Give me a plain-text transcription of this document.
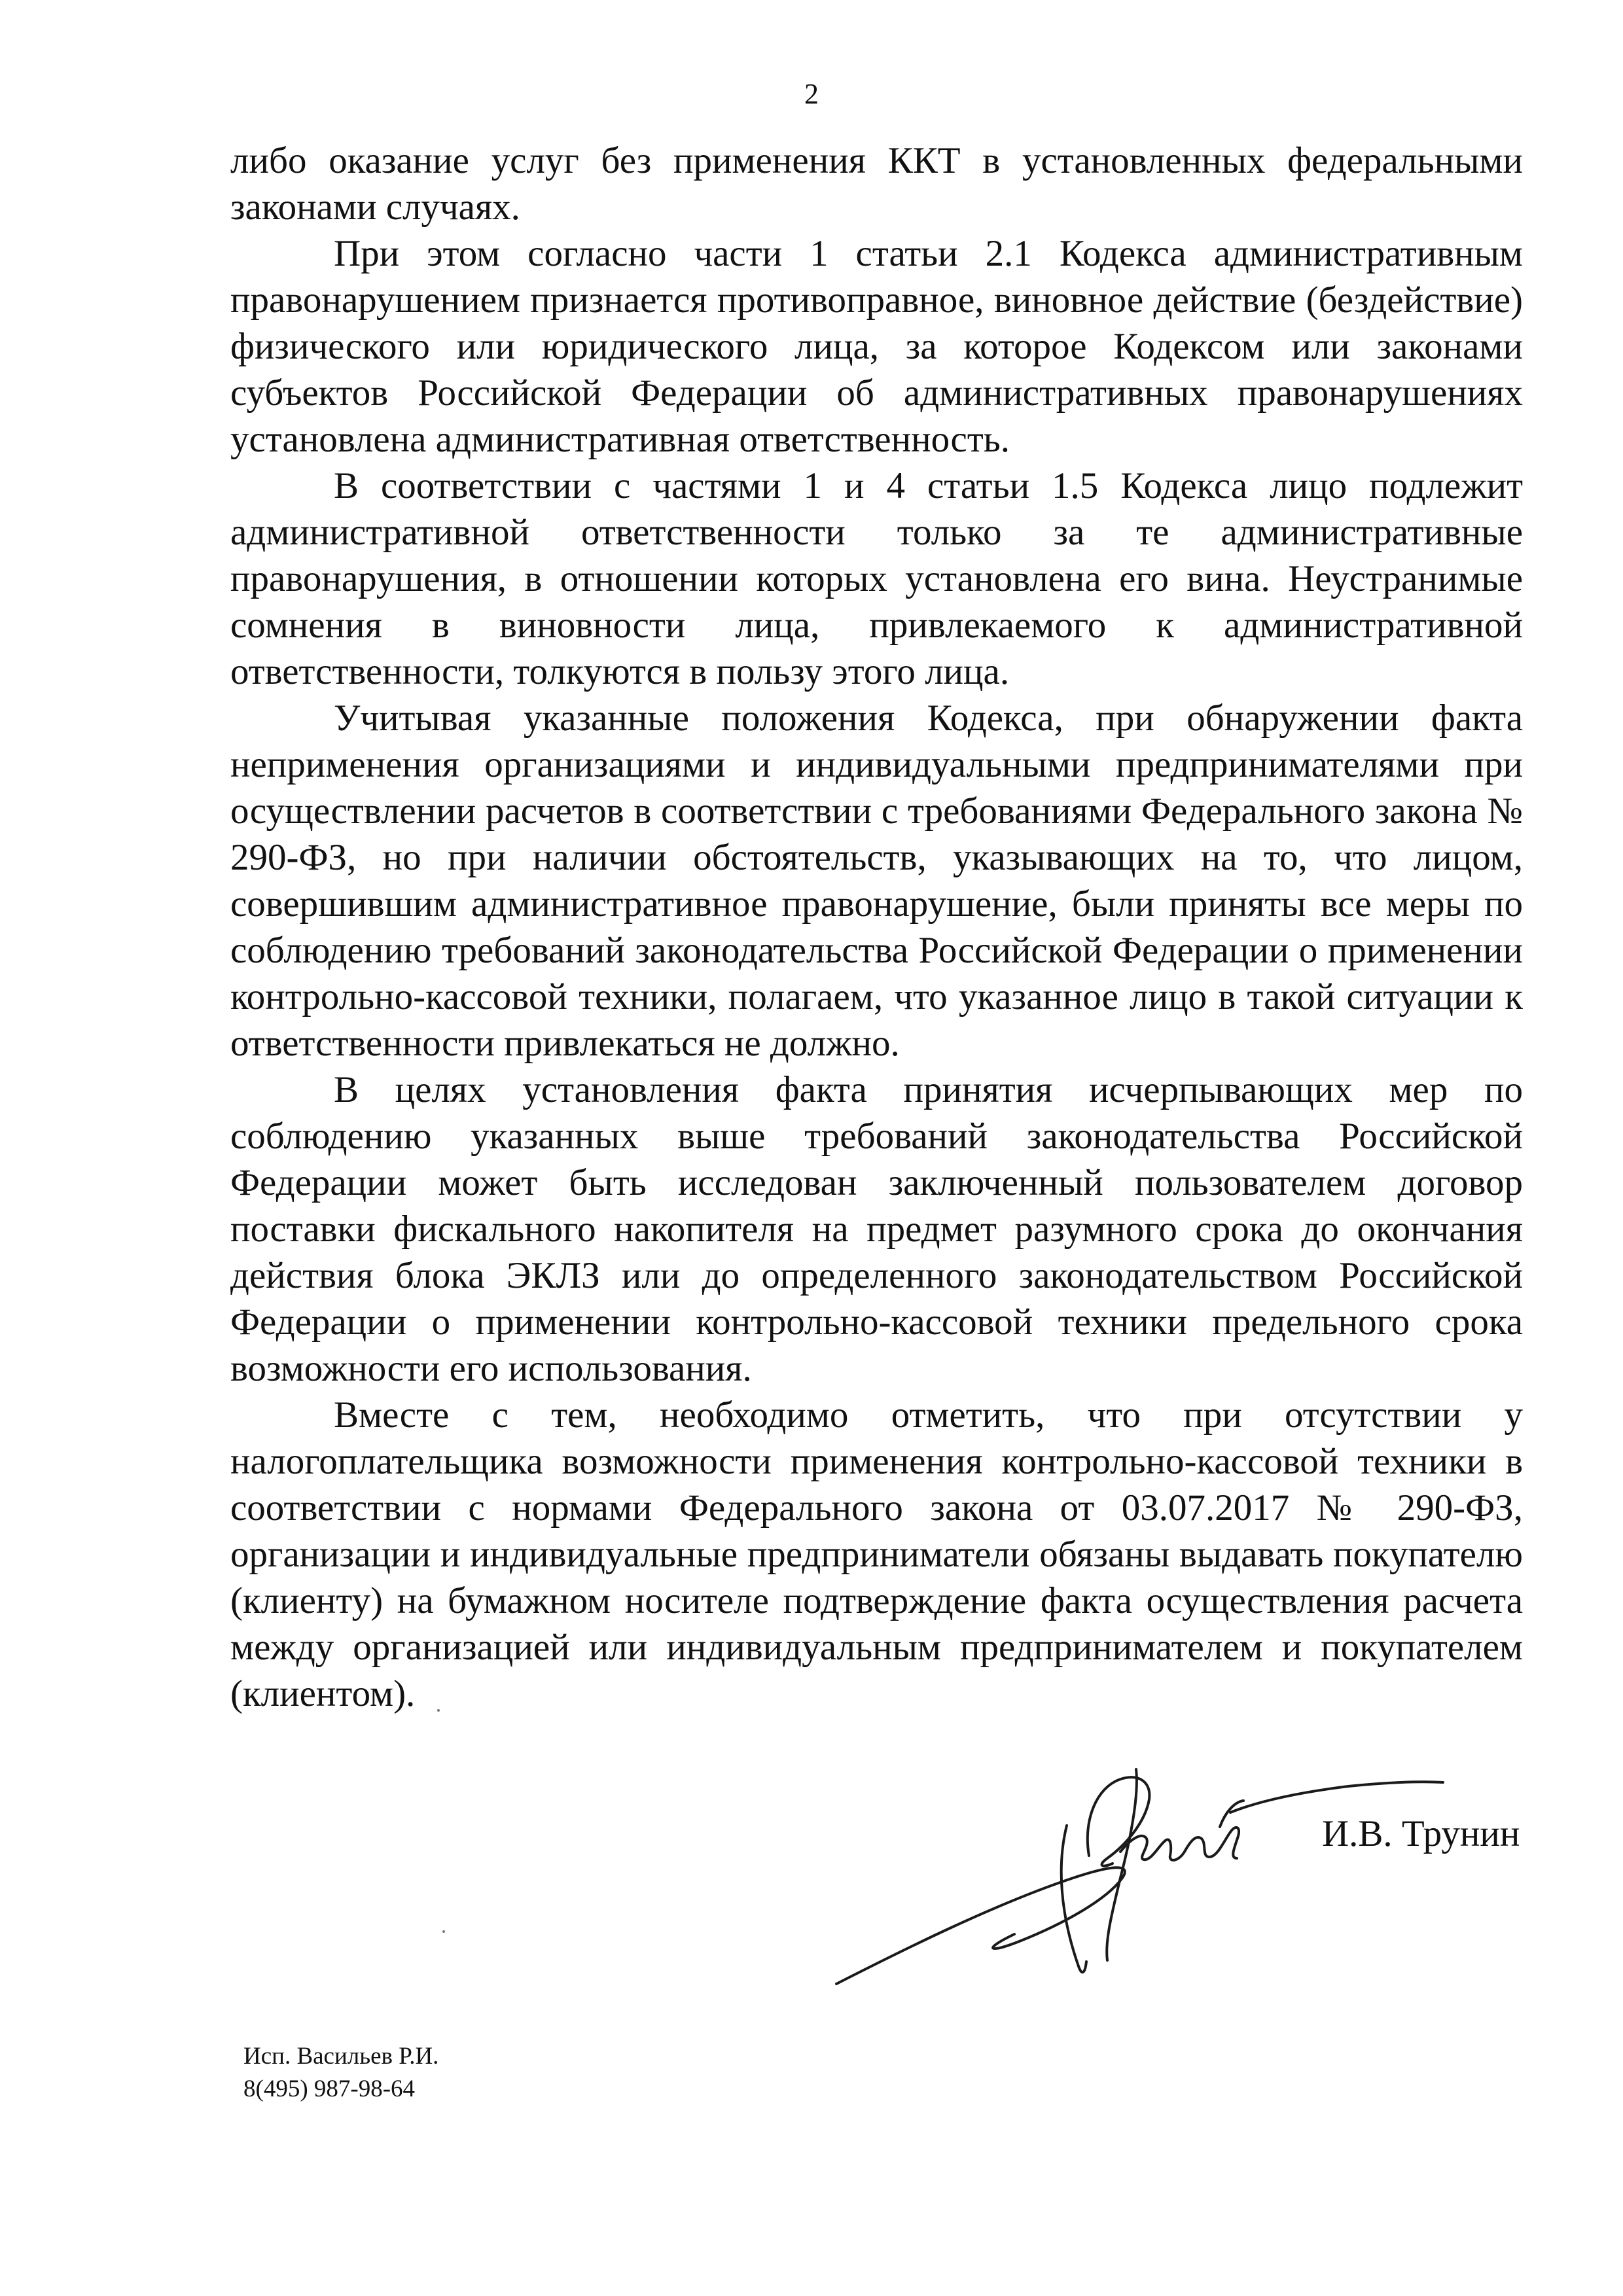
2

либо оказание услуг без применения ККТ в установленных федеральными законами случаях.

При этом согласно части 1 статьи 2.1 Кодекса административным правонарушением признается противоправное, виновное действие (бездействие) физического или юридического лица, за которое Кодексом или законами субъектов Российской Федерации об административных правонарушениях установлена административная ответственность.

В соответствии с частями 1 и 4 статьи 1.5 Кодекса лицо подлежит административной ответственности только за те административные правонарушения, в отношении которых установлена его вина. Неустранимые сомнения в виновности лица, привлекаемого к административной ответственности, толкуются в пользу этого лица.

Учитывая указанные положения Кодекса, при обнаружении факта неприменения организациями и индивидуальными предпринимателями при осуществлении расчетов в соответствии с требованиями Федерального закона № 290-ФЗ, но при наличии обстоятельств, указывающих на то, что лицом, совершившим административное правонарушение, были приняты все меры по соблюдению требований законодательства Российской Федерации о применении контрольно-кассовой техники, полагаем, что указанное лицо в такой ситуации к ответственности привлекаться не должно.

В целях установления факта принятия исчерпывающих мер по соблюдению указанных выше требований законодательства Российской Федерации может быть исследован заключенный пользователем договор поставки фискального накопителя на предмет разумного срока до окончания действия блока ЭКЛЗ или до определенного законодательством Российской Федерации о применении контрольно-кассовой техники предельного срока возможности его использования.

Вместе с тем, необходимо отметить, что при отсутствии у налогоплательщика возможности применения контрольно-кассовой техники в соответствии с нормами Федерального закона от 03.07.2017 № 290-ФЗ, организации и индивидуальные предприниматели обязаны выдавать покупателю (клиенту) на бумажном носителе подтверждение факта осуществления расчета между организацией или индивидуальным предпринимателем и покупателем (клиентом).

И.В. Трунин
Исп. Васильев Р.И.
8(495) 987-98-64
